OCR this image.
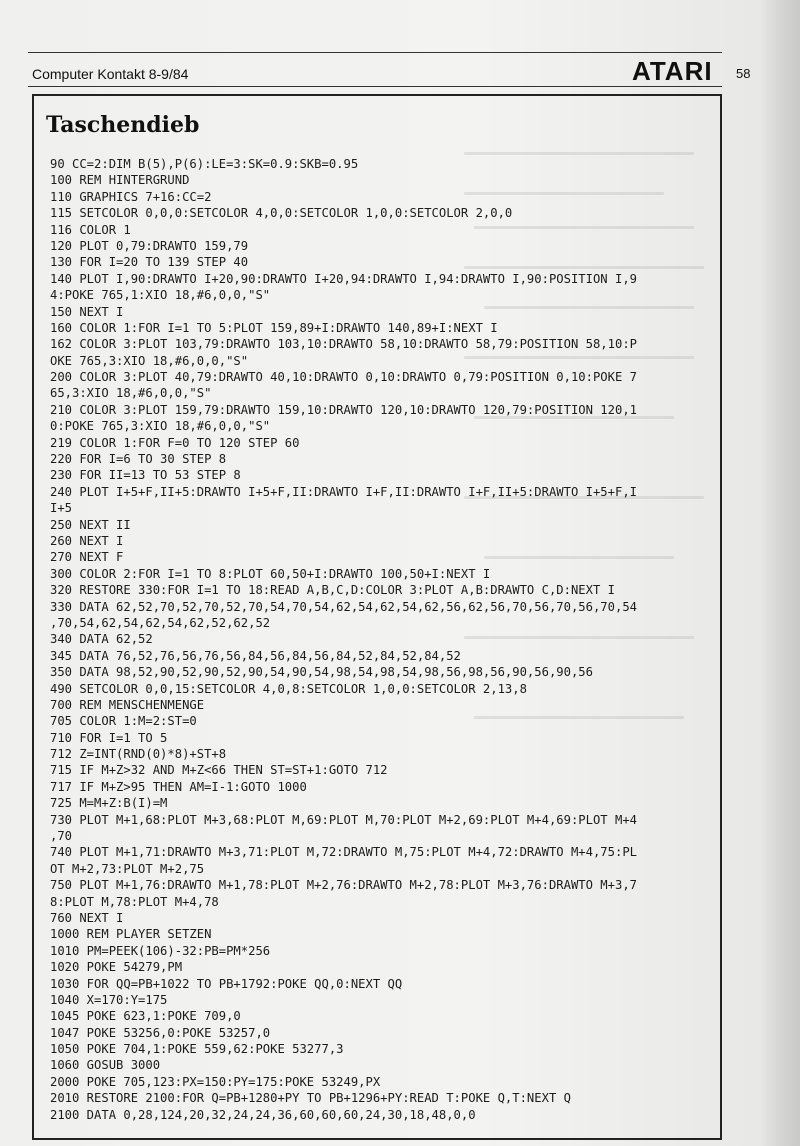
Computer Kontakt 8-9/84	ATARI 58
Taschendieb
90 CC=2:DIM B(5),P(6):LE=3:SK=0.9:SKB=0.95
100 REM HINTERGRUND
110 GRAPHICS 7+16:CC=2
115 SETCOLOR 0,0,0:SETCOLOR 4,0,0:SETCOLOR 1,0,0:SETCOLOR 2,0,0
116 COLOR 1
120 PLOT 0,79:DRAWTO 159,79
130 FOR I=20 TO 139 STEP 40
140 PLOT I,90:DRAWTO I+20,90:DRAWTO I+20,94:DRAWTO I,94:DRAWTO I,90:POSITION I,9
4:POKE 765,1:XIO 18,#6,0,0,"S"
150 NEXT I
160 COLOR 1:FOR I=1 TO 5:PLOT 159,89+I:DRAWTO 140,89+I:NEXT I
162 COLOR 3:PLOT 103,79:DRAWTO 103,10:DRAWTO 58,10:DRAWTO 58,79:POSITION 58,10:P
OKE 765,3:XIO 18,#6,0,0,"S"
200 COLOR 3:PLOT 40,79:DRAWTO 40,10:DRAWTO 0,10:DRAWTO 0,79:POSITION 0,10:POKE 7
65,3:XIO 18,#6,0,0,"S"
210 COLOR 3:PLOT 159,79:DRAWTO 159,10:DRAWTO 120,10:DRAWTO 120,79:POSITION 120,1
0:POKE 765,3:XIO 18,#6,0,0,"S"
219 COLOR 1:FOR F=0 TO 120 STEP 60
220 FOR I=6 TO 30 STEP 8
230 FOR II=13 TO 53 STEP 8
240 PLOT I+5+F,II+5:DRAWTO I+5+F,II:DRAWTO I+F,II:DRAWTO I+F,II+5:DRAWTO I+5+F,I
I+5
250 NEXT II
260 NEXT I
270 NEXT F
300 COLOR 2:FOR I=1 TO 8:PLOT 60,50+I:DRAWTO 100,50+I:NEXT I
320 RESTORE 330:FOR I=1 TO 18:READ A,B,C,D:COLOR 3:PLOT A,B:DRAWTO C,D:NEXT I
330 DATA 62,52,70,52,70,52,70,54,70,54,62,54,62,54,62,56,62,56,70,56,70,56,70,54
,70,54,62,54,62,54,62,52,62,52
340 DATA 62,52
345 DATA 76,52,76,56,76,56,84,56,84,56,84,52,84,52,84,52
350 DATA 98,52,90,52,90,52,90,54,90,54,98,54,98,54,98,56,98,56,90,56,90,56
490 SETCOLOR 0,0,15:SETCOLOR 4,0,8:SETCOLOR 1,0,0:SETCOLOR 2,13,8
700 REM MENSCHENMENGE
705 COLOR 1:M=2:ST=0
710 FOR I=1 TO 5
712 Z=INT(RND(0)*8)+ST+8
715 IF M+Z>32 AND M+Z<66 THEN ST=ST+1:GOTO 712
717 IF M+Z>95 THEN AM=I-1:GOTO 1000
725 M=M+Z:B(I)=M
730 PLOT M+1,68:PLOT M+3,68:PLOT M,69:PLOT M,70:PLOT M+2,69:PLOT M+4,69:PLOT M+4
,70
740 PLOT M+1,71:DRAWTO M+3,71:PLOT M,72:DRAWTO M,75:PLOT M+4,72:DRAWTO M+4,75:PL
OT M+2,73:PLOT M+2,75
750 PLOT M+1,76:DRAWTO M+1,78:PLOT M+2,76:DRAWTO M+2,78:PLOT M+3,76:DRAWTO M+3,7
8:PLOT M,78:PLOT M+4,78
760 NEXT I
1000 REM PLAYER SETZEN
1010 PM=PEEK(106)-32:PB=PM*256
1020 POKE 54279,PM
1030 FOR QQ=PB+1022 TO PB+1792:POKE QQ,0:NEXT QQ
1040 X=170:Y=175
1045 POKE 623,1:POKE 709,0
1047 POKE 53256,0:POKE 53257,0
1050 POKE 704,1:POKE 559,62:POKE 53277,3
1060 GOSUB 3000
2000 POKE 705,123:PX=150:PY=175:POKE 53249,PX
2010 RESTORE 2100:FOR Q=PB+1280+PY TO PB+1296+PY:READ T:POKE Q,T:NEXT Q
2100 DATA 0,28,124,20,32,24,24,36,60,60,60,24,30,18,48,0,0
